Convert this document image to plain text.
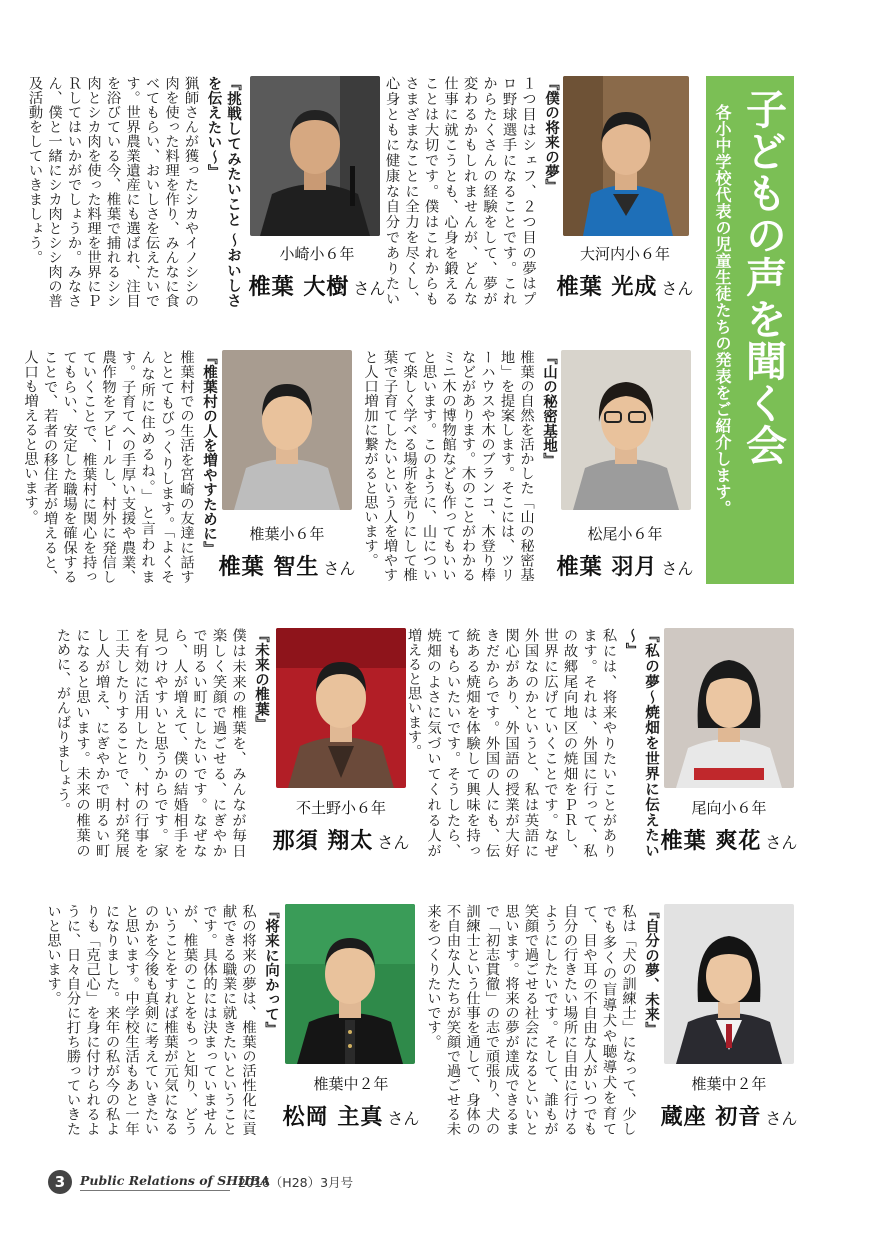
子どもの声を聞く会
各小中学校代表の児童生徒たちの発表をご紹介します。
大河内小６年
椎葉 光成 さん
『僕の将来の夢』
１つ目はシェフ、２つ目の夢はプロ野球選手になることです。これからたくさんの経験をして、夢が変わるかもしれませんが、どんな仕事に就こうとも、心身を鍛えることは大切です。僕はこれからもさまざまなことに全力を尽くし、心身ともに健康な自分でありたい
小崎小６年
椎葉 大樹 さん
『挑戦してみたいこと ～おいしさを伝えたい～』
猟師さんが獲ったシカやイノシシの肉を使った料理を作り、みんなに食べてもらい、おいしさを伝えたいです。世界農業遺産にも選ばれ、注目を浴びている今、椎葉で捕れるシシ肉とシカ肉を使った料理を世界にＰＲしてはいかがでしょうか。みなさん、僕と一緒にシカ肉とシシ肉の普及活動をしていきましょう。
松尾小６年
椎葉 羽月 さん
『山の秘密基地』
椎葉の自然を活かした「山の秘密基地」を提案します。そこには、ツリーハウスや木のブランコ、木登り棒などがあります。木のことがわかるミニ木の博物館なども作ってもいいと思います。このように、山について楽しく学べる場所を売りにして椎葉で子育てしたいという人を増やすと人口増加に繋がると思います。
椎葉小６年
椎葉 智生 さん
『椎葉村の人を増やすために』
椎葉村での生活を宮崎の友達に話すととてもびっくりします。「よくそんな所に住めるね。」と言われます。子育てへの手厚い支援や農業、農作物をアピールし、村外に発信していくことで、椎葉村に関心を持ってもらい、安定した職場を確保することで、若者の移住者が増えると、人口も増えると思います。
尾向小６年
椎葉 爽花 さん
『私の夢～焼畑を世界に伝えたい～』
私には、将来やりたいことがあります。それは、外国に行って、私の故郷尾向地区の焼畑をＰＲし、世界に広げていくことです。なぜ外国なのかというと、私は英語に関心があり、外国語の授業が大好きだからです。外国の人にも、伝統ある焼畑を体験して興味を持ってもらいたいです。そうしたら、焼畑のよさに気づいてくれる人が増えると思います。
不土野小６年
那須 翔太 さん
『未来の椎葉』
僕は未来の椎葉を、みんなが毎日楽しく笑顔で過ごせる、にぎやかで明るい町にしたいです。なぜなら、人が増えて、僕の結婚相手を見つけやすいと思うからです。家を有効に活用したり、村の行事を工夫したりすることで、村が発展し人が増え、にぎやかで明るい町になると思います。未来の椎葉のために、がんばりましょう。
椎葉中２年
蔵座 初音 さん
『自分の夢、未来』
私は「犬の訓練士」になって、少しでも多くの盲導犬や聴導犬を育てて、目や耳の不自由な人がいつでも自分の行きたい場所に自由に行けるようにしたいです。そして、誰もが笑顔で過ごせる社会になるといいと思います。将来の夢が達成できるまで「初志貫徹」の志で頑張り、犬の訓練士という仕事を通して、身体の不自由な人たちが笑顔で過ごせる未来をつくりたいです。
椎葉中２年
松岡 主真 さん
『将来に向かって』
私の将来の夢は、椎葉の活性化に貢献できる職業に就きたいということです。具体的には決まっていませんが、椎葉のことをもっと知り、どういうことをすれば椎葉が元気になるのかを今後も真剣に考えていきたいと思います。中学校生活もあと一年になりました。来年の私が今の私よりも「克己心」を身に付けられるように、日々自分に打ち勝っていきたいと思います。
3	Public Relations of SHIIBA
2016（H28）3月号
